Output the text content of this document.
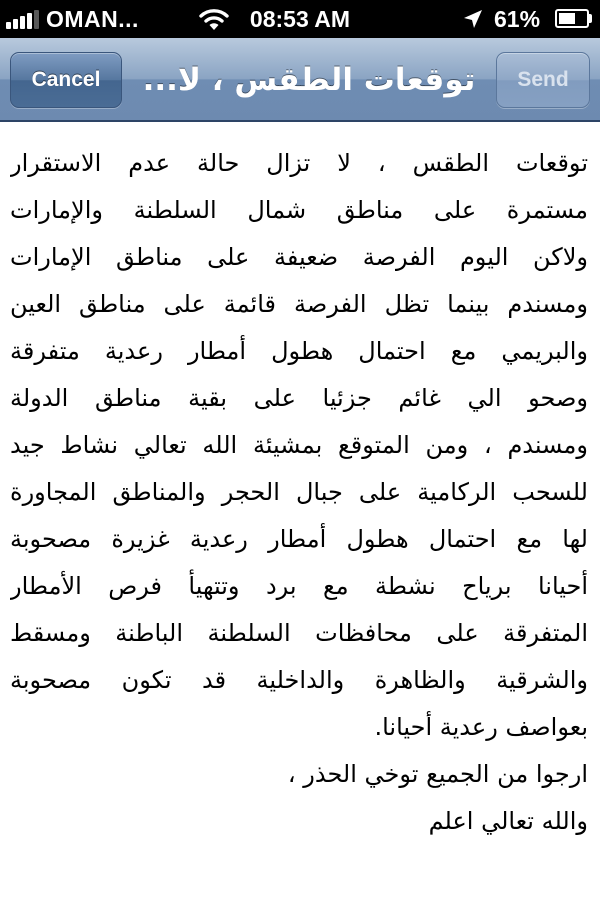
OMAN...	08:53 AM	61%
Cancel	توقعات الطقس ، لا...	Send
توقعات الطقس ، لا تزال حالة عدم الاستقرار
مستمرة على مناطق شمال السلطنة والإمارات
ولاكن اليوم الفرصة ضعيفة على مناطق الإمارات
ومسندم بينما تظل الفرصة قائمة على مناطق العين
والبريمي مع احتمال هطول أمطار رعدية متفرقة
وصحو الي غائم جزئيا على بقية مناطق الدولة
ومسندم ، ومن المتوقع بمشيئة الله تعالي نشاط جيد
للسحب الركامية على جبال الحجر والمناطق المجاورة
لها مع احتمال هطول أمطار رعدية غزيرة مصحوبة
أحيانا برياح نشطة مع برد وتتهيأ فرص الأمطار
المتفرقة على محافظات السلطنة الباطنة ومسقط
والشرقية والظاهرة والداخلية قد تكون مصحوبة
بعواصف رعدية أحيانا.
ارجوا من الجميع توخي الحذر ،
والله تعالي اعلم
